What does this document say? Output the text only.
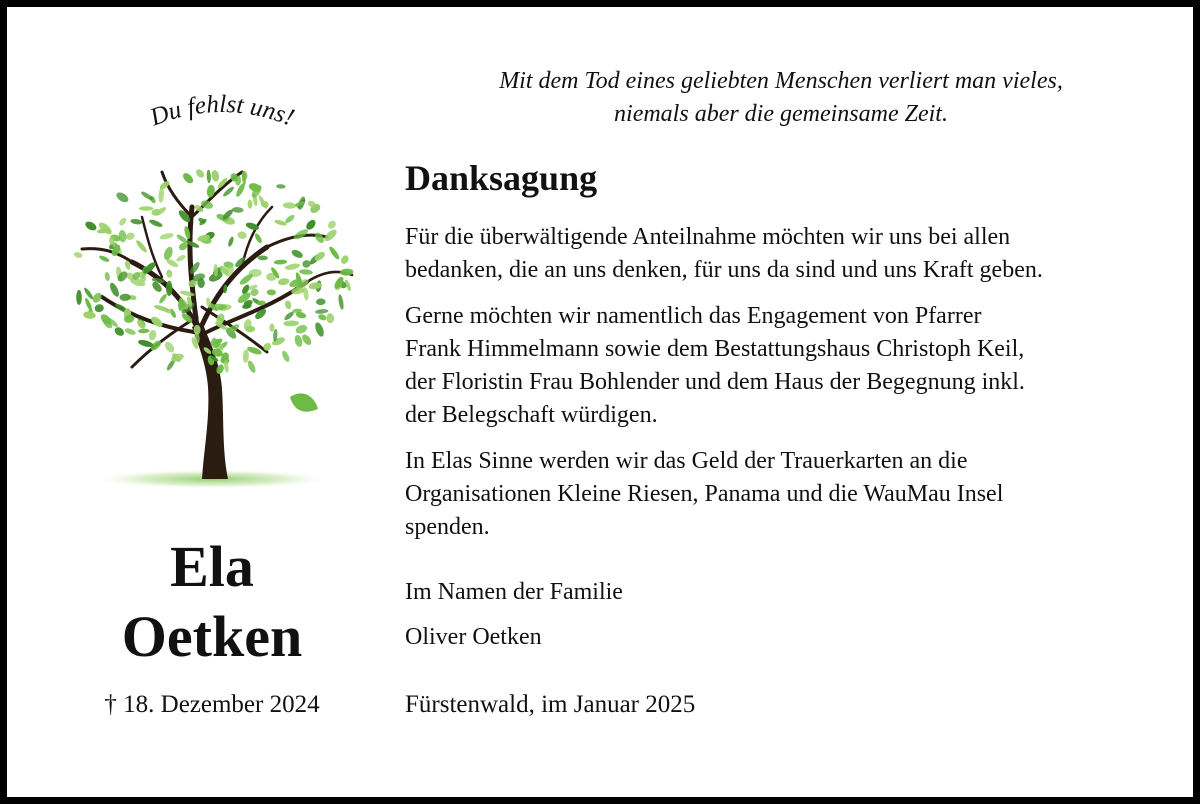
Du fehlst uns!
Mit dem Tod eines geliebten Menschen verliert man vieles,
niemals aber die gemeinsame Zeit.
Ela
Oetken
† 18. Dezember 2024
Danksagung
Für die überwältigende Anteilnahme möchten wir uns bei allen
bedanken, die an uns denken, für uns da sind und uns Kraft geben.
Gerne möchten wir namentlich das Engagement von Pfarrer
Frank Himmelmann sowie dem Bestattungshaus Christoph Keil,
der Floristin Frau Bohlender und dem Haus der Begegnung inkl.
der Belegschaft würdigen.
In Elas Sinne werden wir das Geld der Trauerkarten an die
Organisationen Kleine Riesen, Panama und die WauMau Insel
spenden.
Im Namen der Familie
Oliver Oetken
Fürstenwald, im Januar 2025
